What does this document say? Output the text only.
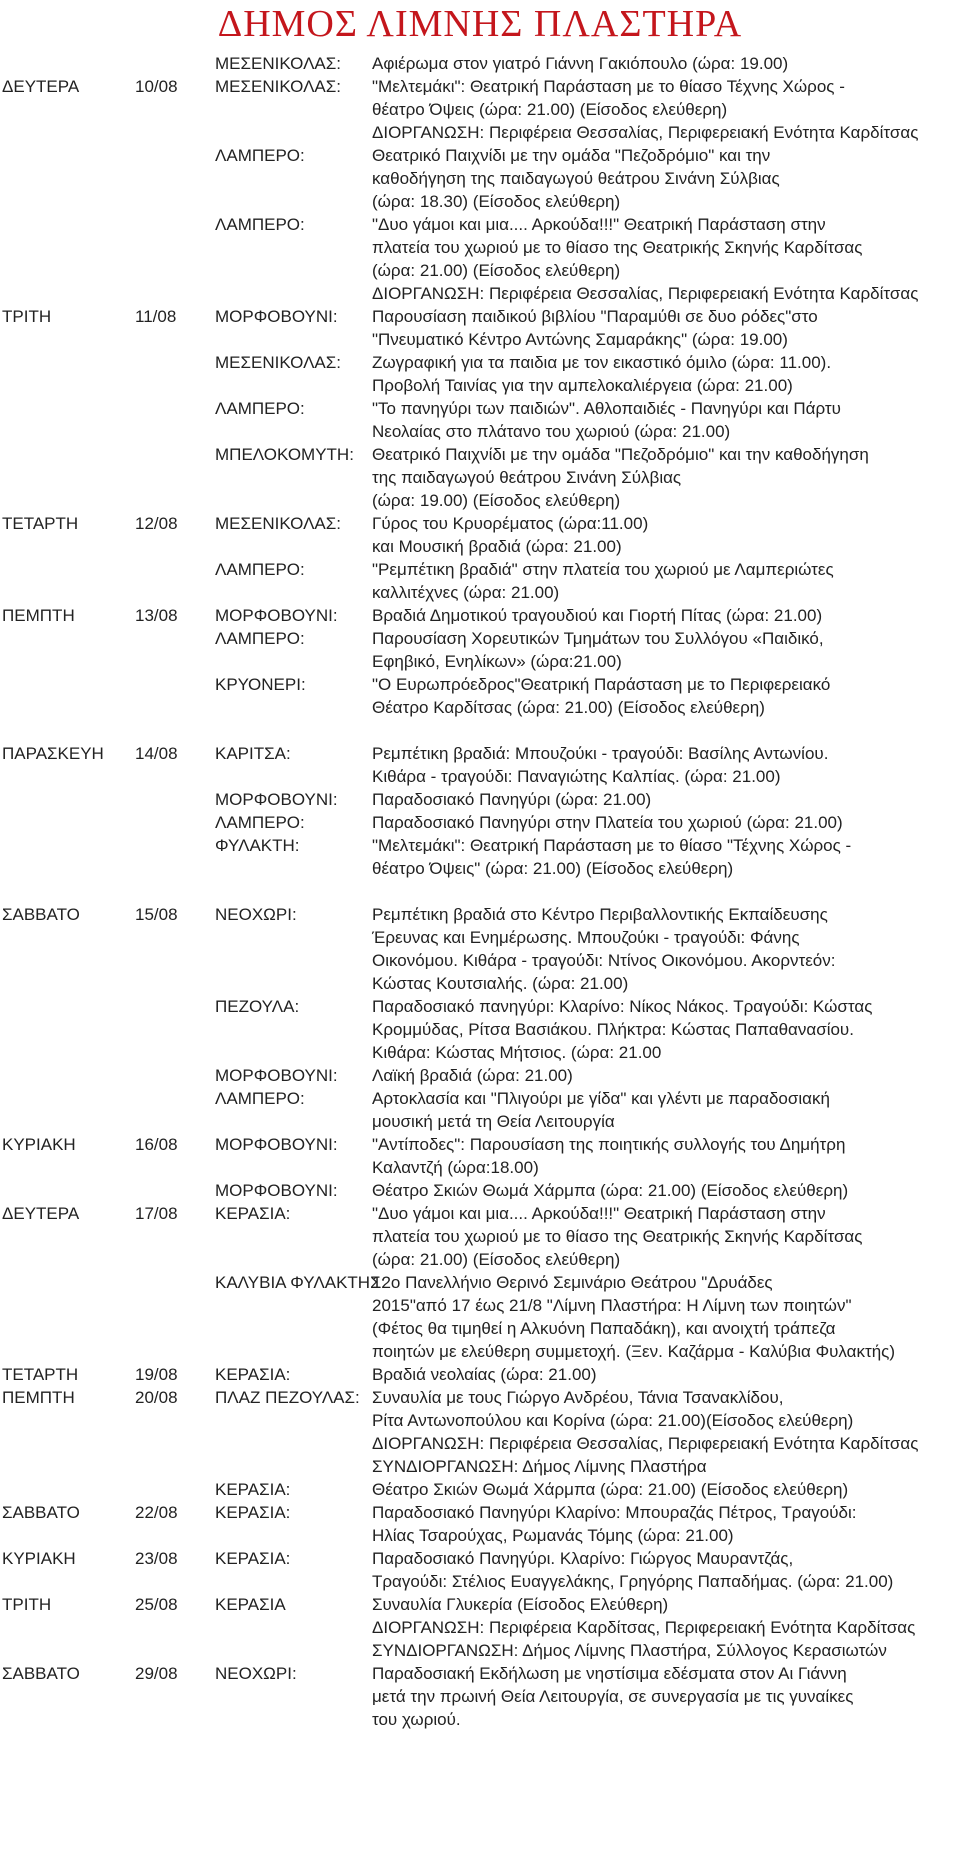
ΔΗΜΟΣ ΛΙΜΝΗΣ ΠΛΑΣΤΗΡΑ
ΜΕΣΕΝΙΚΟΛΑΣ: Αφιέρωμα στον γιατρό Γιάννη Γακιόπουλο (ώρα: 19.00)
ΔΕΥΤΕΡΑ	10/08 ΜΕΣΕΝΙΚΟΛΑΣ: "Μελτεμάκι": Θεατρική Παράσταση με το θίασο Τέχνης Χώρος -
θέατρο Όψεις (ώρα: 21.00) (Είσοδος ελεύθερη)
ΔΙΟΡΓΑΝΩΣΗ: Περιφέρεια Θεσσαλίας, Περιφερειακή Ενότητα Καρδίτσας
ΛΑΜΠΕΡΟ:	Θεατρικό Παιχνίδι με την ομάδα "Πεζοδρόμιο" και την
καθοδήγηση της παιδαγωγού θεάτρου Σινάνη Σύλβιας
(ώρα: 18.30) (Είσοδος ελεύθερη)
ΛΑΜΠΕΡΟ:	"Δυο γάμοι και μια.... Αρκούδα!!!" Θεατρική Παράσταση στην
πλατεία του χωριού με το θίασο της Θεατρικής Σκηνής Καρδίτσας
(ώρα: 21.00) (Είσοδος ελεύθερη)
ΔΙΟΡΓΑΝΩΣΗ: Περιφέρεια Θεσσαλίας, Περιφερειακή Ενότητα Καρδίτσας
ΤΡΙΤΗ	11/08 ΜΟΡΦΟΒΟΥΝΙ: Παρουσίαση παιδικού βιβλίου "Παραμύθι σε δυο ρόδες"στο
"Πνευματικό Κέντρο Αντώνης Σαμαράκης" (ώρα: 19.00)
ΜΕΣΕΝΙΚΟΛΑΣ: Ζωγραφική για τα παιδια με τον εικαστικό όμιλο (ώρα: 11.00).
Προβολή Ταινίας για την αμπελοκαλιέργεια (ώρα: 21.00)
ΛΑΜΠΕΡΟ:	"Το πανηγύρι των παιδιών". Αθλοπαιδιές - Πανηγύρι και Πάρτυ
Νεολαίας στο πλάτανο του χωριού (ώρα: 21.00)
ΜΠΕΛΟΚΟΜΥΤΗ: Θεατρικό Παιχνίδι με την ομάδα "Πεζοδρόμιο" και την καθοδήγηση
της παιδαγωγού θεάτρου Σινάνη Σύλβιας
(ώρα: 19.00) (Είσοδος ελεύθερη)
ΤΕΤΑΡΤΗ	12/08 ΜΕΣΕΝΙΚΟΛΑΣ: Γύρος του Κρυορέματος (ώρα:11.00)
και Μουσική βραδιά (ώρα: 21.00)
ΛΑΜΠΕΡΟ:	"Ρεμπέτικη βραδιά" στην πλατεία του χωριού με Λαμπεριώτες
καλλιτέχνες (ώρα: 21.00)
ΠΕΜΠΤΗ	13/08 ΜΟΡΦΟΒΟΥΝΙ: Βραδιά Δημοτικού τραγουδιού και Γιορτή Πίτας (ώρα: 21.00)
ΛΑΜΠΕΡΟ:	Παρουσίαση Χορευτικών Τμημάτων του Συλλόγου «Παιδικό,
Εφηβικό, Ενηλίκων» (ώρα:21.00)
ΚΡΥΟΝΕΡΙ:	"Ο Ευρωπρόεδρος"Θεατρική Παράσταση με το Περιφερειακό
Θέατρο Καρδίτσας (ώρα: 21.00) (Είσοδος ελεύθερη)
ΠΑΡΑΣΚΕΥΗ 14/08 ΚΑΡΙΤΣΑ:	Ρεμπέτικη βραδιά: Μπουζούκι - τραγούδι: Βασίλης Αντωνίου.
Κιθάρα - τραγούδι: Παναγιώτης Καλπίας. (ώρα: 21.00)
ΜΟΡΦΟΒΟΥΝΙ: Παραδοσιακό Πανηγύρι (ώρα: 21.00)
ΛΑΜΠΕΡΟ:	Παραδοσιακό Πανηγύρι στην Πλατεία του χωριού (ώρα: 21.00)
ΦΥΛΑΚΤΗ:	"Μελτεμάκι": Θεατρική Παράσταση με το θίασο "Τέχνης Χώρος -
θέατρο Όψεις" (ώρα: 21.00) (Είσοδος ελεύθερη)
ΣΑΒΒΑΤΟ	15/08 ΝΕΟΧΩΡΙ:	Ρεμπέτικη βραδιά στο Κέντρο Περιβαλλοντικής Εκπαίδευσης
Έρευνας και Ενημέρωσης. Μπουζούκι - τραγούδι: Φάνης
Οικονόμου. Κιθάρα - τραγούδι: Ντίνος Οικονόμου. Ακορντεόν:
Κώστας Κουτσιαλής. (ώρα: 21.00)
ΠΕΖΟΥΛΑ:	Παραδοσιακό πανηγύρι: Κλαρίνο: Νίκος Νάκος. Τραγούδι: Κώστας
Κρομμύδας, Ρίτσα Βασιάκου. Πλήκτρα: Κώστας Παπαθανασίου.
Κιθάρα: Κώστας Μήτσιος. (ώρα: 21.00
ΜΟΡΦΟΒΟΥΝΙ: Λαϊκή βραδιά (ώρα: 21.00)
ΛΑΜΠΕΡΟ:	Αρτοκλασία και "Πλιγούρι με γίδα" και γλέντι με παραδοσιακή
μουσική μετά τη Θεία Λειτουργία
ΚΥΡΙΑΚΗ	16/08 ΜΟΡΦΟΒΟΥΝΙ: "Αντίποδες": Παρουσίαση της ποιητικής συλλογής του Δημήτρη
Καλαντζή (ώρα:18.00)
ΜΟΡΦΟΒΟΥΝΙ: Θέατρο Σκιών Θωμά Χάρμπα (ώρα: 21.00) (Είσοδος ελεύθερη)
ΔΕΥΤΕΡΑ	17/08 ΚΕΡΑΣΙΑ:	"Δυο γάμοι και μια.... Αρκούδα!!!" Θεατρική Παράσταση στην
πλατεία του χωριού με το θίασο της Θεατρικής Σκηνής Καρδίτσας
(ώρα: 21.00) (Είσοδος ελεύθερη)
ΚΑΛΥΒΙΑ ΦΥΛΑΚΤΗΣ:
12ο Πανελλήνιο Θερινό Σεμινάριο Θεάτρου "Δρυάδες
2015"από 17 έως 21/8 "Λίμνη Πλαστήρα: Η Λίμνη των ποιητών"
(Φέτος θα τιμηθεί η Αλκυόνη Παπαδάκη), και ανοιχτή τράπεζα
ποιητών με ελεύθερη συμμετοχή. (Ξεν. Καζάρμα - Καλύβια Φυλακτής)
ΤΕΤΑΡΤΗ	19/08 ΚΕΡΑΣΙΑ:	Βραδιά νεολαίας (ώρα: 21.00)
ΠΕΜΠΤΗ	20/08 ΠΛΑΖ ΠΕΖΟΥΛΑΣ: Συναυλία με τους Γιώργο Ανδρέου, Τάνια Τσανακλίδου,
Ρίτα Αντωνοπούλου και Κορίνα (ώρα: 21.00)(Είσοδος ελεύθερη)
ΔΙΟΡΓΑΝΩΣΗ: Περιφέρεια Θεσσαλίας, Περιφερειακή Ενότητα Καρδίτσας
ΣΥΝΔΙΟΡΓΑΝΩΣΗ: Δήμος Λίμνης Πλαστήρα
ΚΕΡΑΣΙΑ:	Θέατρο Σκιών Θωμά Χάρμπα (ώρα: 21.00) (Είσοδος ελεύθερη)
ΣΑΒΒΑΤΟ	22/08 ΚΕΡΑΣΙΑ:	Παραδοσιακό Πανηγύρι Κλαρίνο: Μπουραζάς Πέτρος, Τραγούδι:
Ηλίας Τσαρούχας, Ρωμανάς Τόμης (ώρα: 21.00)
ΚΥΡΙΑΚΗ	23/08 ΚΕΡΑΣΙΑ:	Παραδοσιακό Πανηγύρι. Κλαρίνο: Γιώργος Μαυραντζάς,
Τραγούδι: Στέλιος Ευαγγελάκης, Γρηγόρης Παπαδήμας. (ώρα: 21.00)
ΤΡΙΤΗ	25/08 ΚΕΡΑΣΙΑ	Συναυλία Γλυκερία (Είσοδος Ελεύθερη)
ΔΙΟΡΓΑΝΩΣΗ: Περιφέρεια Καρδίτσας, Περιφερειακή Ενότητα Καρδίτσας
ΣΥΝΔΙΟΡΓΑΝΩΣΗ: Δήμος Λίμνης Πλαστήρα, Σύλλογος Κερασιωτών
ΣΑΒΒΑΤΟ	29/08 ΝΕΟΧΩΡΙ:	Παραδοσιακή Εκδήλωση με νηστίσιμα εδέσματα στον Αι Γιάννη
μετά την πρωινή Θεία Λειτουργία, σε συνεργασία με τις γυναίκες
του χωριού.
